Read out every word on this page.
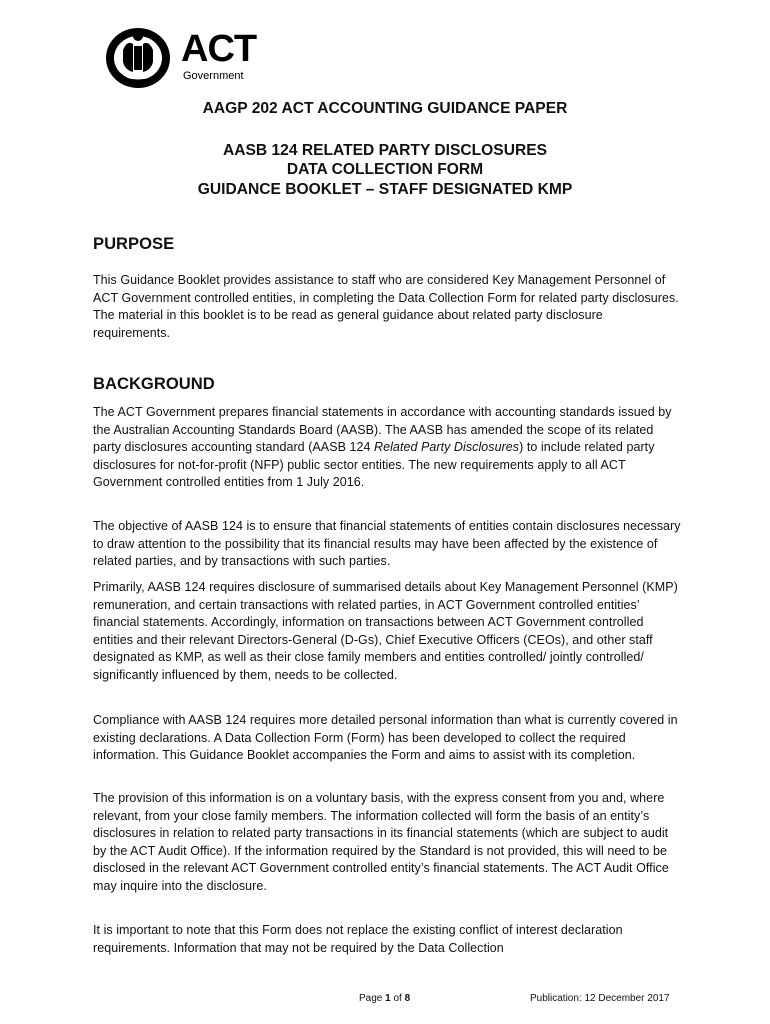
ACT
Government

AAGP 202 ACT ACCOUNTING GUIDANCE PAPER

AASB 124 RELATED PARTY DISCLOSURES
DATA COLLECTION FORM
GUIDANCE BOOKLET – STAFF DESIGNATED KMP
PURPOSE

This Guidance Booklet provides assistance to staff who are considered Key Management Personnel of ACT Government controlled entities, in completing the Data Collection Form for related party disclosures. The material in this booklet is to be read as general guidance about related party disclosure requirements.

BACKGROUND

The ACT Government prepares financial statements in accordance with accounting standards issued by the Australian Accounting Standards Board (AASB). The AASB has amended the scope of its related party disclosures accounting standard (AASB 124 Related Party Disclosures) to include related party disclosures for not-for-profit (NFP) public sector entities. The new requirements apply to all ACT Government controlled entities from 1 July 2016.

The objective of AASB 124 is to ensure that financial statements of entities contain disclosures necessary to draw attention to the possibility that its financial results may have been affected by the existence of related parties, and by transactions with such parties.

Primarily, AASB 124 requires disclosure of summarised details about Key Management Personnel (KMP) remuneration, and certain transactions with related parties, in ACT Government controlled entities’ financial statements. Accordingly, information on transactions between ACT Government controlled entities and their relevant Directors-General (D-Gs), Chief Executive Officers (CEOs), and other staff designated as KMP, as well as their close family members and entities controlled/ jointly controlled/ significantly influenced by them, needs to be collected.

Compliance with AASB 124 requires more detailed personal information than what is currently covered in existing declarations. A Data Collection Form (Form) has been developed to collect the required information. This Guidance Booklet accompanies the Form and aims to assist with its completion.

The provision of this information is on a voluntary basis, with the express consent from you and, where relevant, from your close family members. The information collected will form the basis of an entity’s disclosures in relation to related party transactions in its financial statements (which are subject to audit by the ACT Audit Office). If the information required by the Standard is not provided, this will need to be disclosed in the relevant ACT Government controlled entity’s financial statements. The ACT Audit Office may inquire into the disclosure.

It is important to note that this Form does not replace the existing conflict of interest declaration requirements. Information that may not be required by the Data Collection

Page 1 of 8	Publication: 12 December 2017
